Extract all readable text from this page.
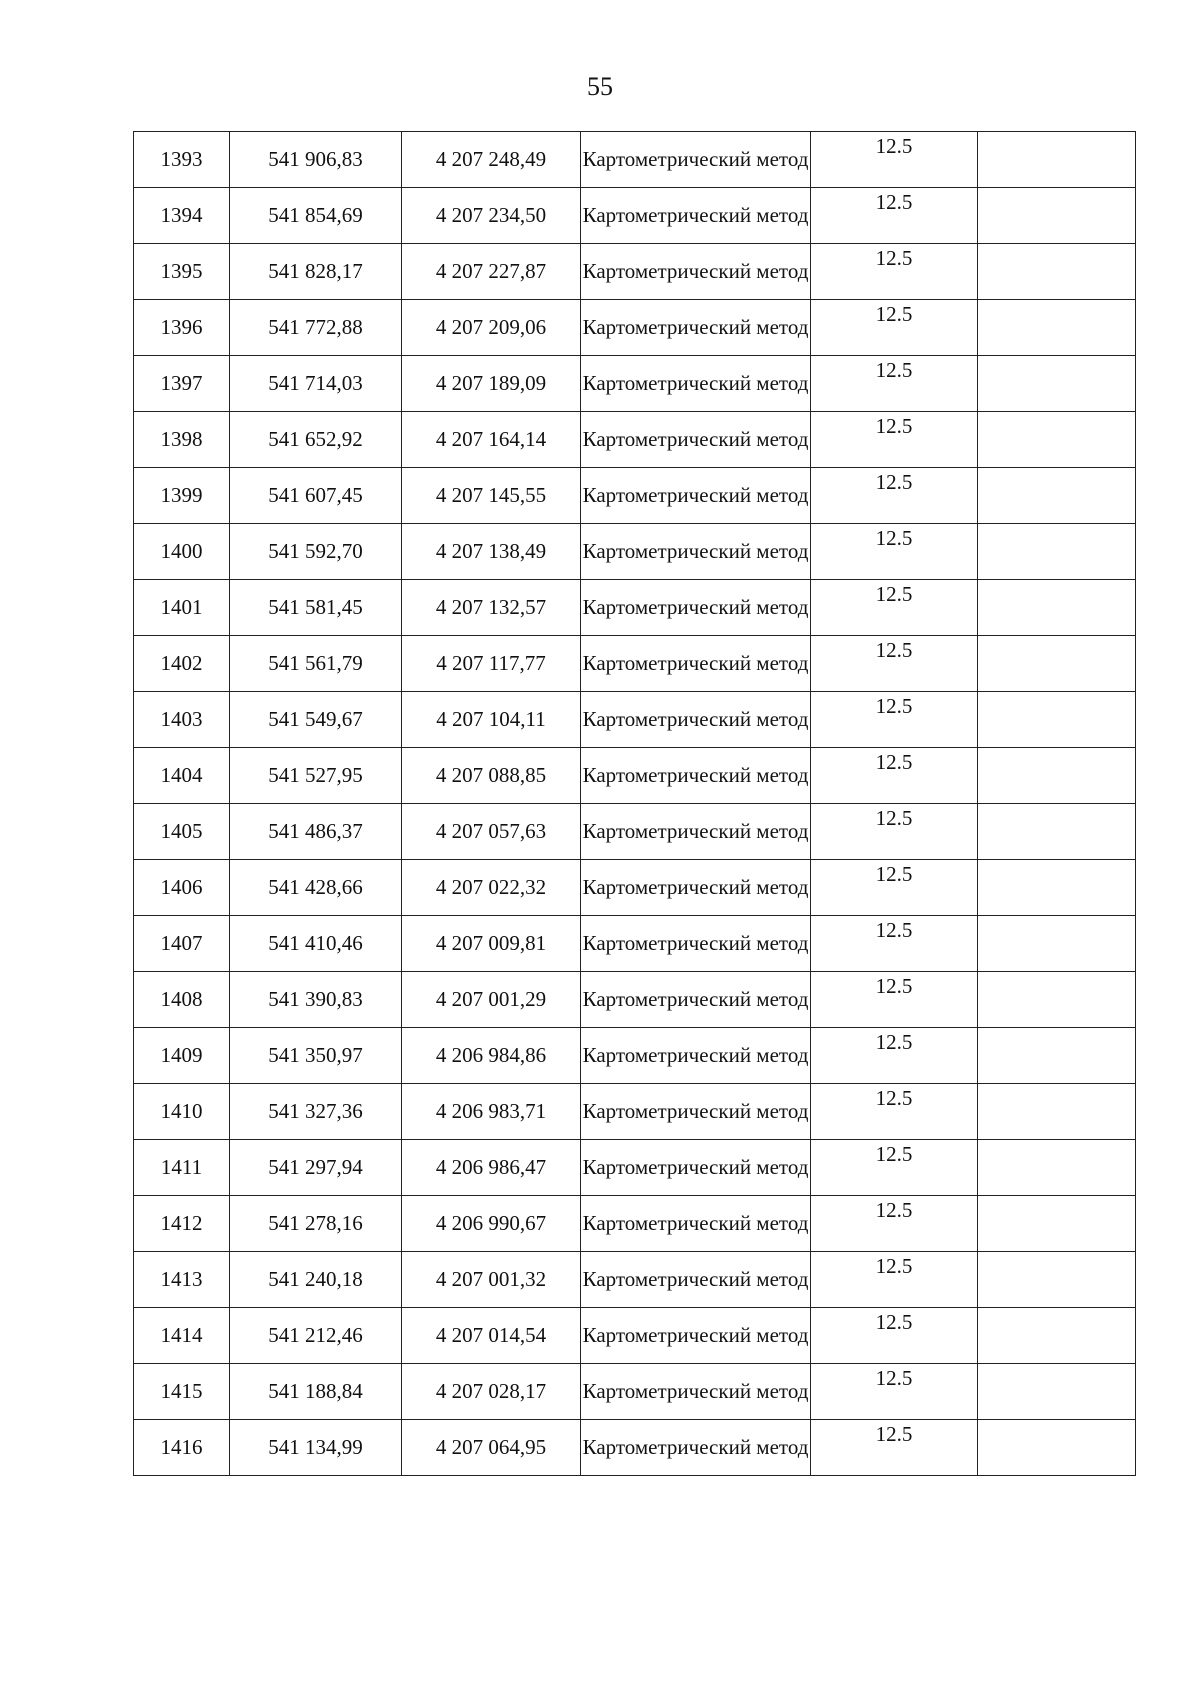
55
1393	541 906,83	4 207 248,49	Картометрический метод	12.5	
1394	541 854,69	4 207 234,50	Картометрический метод	12.5	
1395	541 828,17	4 207 227,87	Картометрический метод	12.5	
1396	541 772,88	4 207 209,06	Картометрический метод	12.5	
1397	541 714,03	4 207 189,09	Картометрический метод	12.5	
1398	541 652,92	4 207 164,14	Картометрический метод	12.5	
1399	541 607,45	4 207 145,55	Картометрический метод	12.5	
1400	541 592,70	4 207 138,49	Картометрический метод	12.5	
1401	541 581,45	4 207 132,57	Картометрический метод	12.5	
1402	541 561,79	4 207 117,77	Картометрический метод	12.5	
1403	541 549,67	4 207 104,11	Картометрический метод	12.5	
1404	541 527,95	4 207 088,85	Картометрический метод	12.5	
1405	541 486,37	4 207 057,63	Картометрический метод	12.5	
1406	541 428,66	4 207 022,32	Картометрический метод	12.5	
1407	541 410,46	4 207 009,81	Картометрический метод	12.5	
1408	541 390,83	4 207 001,29	Картометрический метод	12.5	
1409	541 350,97	4 206 984,86	Картометрический метод	12.5	
1410	541 327,36	4 206 983,71	Картометрический метод	12.5	
1411	541 297,94	4 206 986,47	Картометрический метод	12.5	
1412	541 278,16	4 206 990,67	Картометрический метод	12.5	
1413	541 240,18	4 207 001,32	Картометрический метод	12.5	
1414	541 212,46	4 207 014,54	Картометрический метод	12.5	
1415	541 188,84	4 207 028,17	Картометрический метод	12.5	
1416	541 134,99	4 207 064,95	Картометрический метод	12.5	
